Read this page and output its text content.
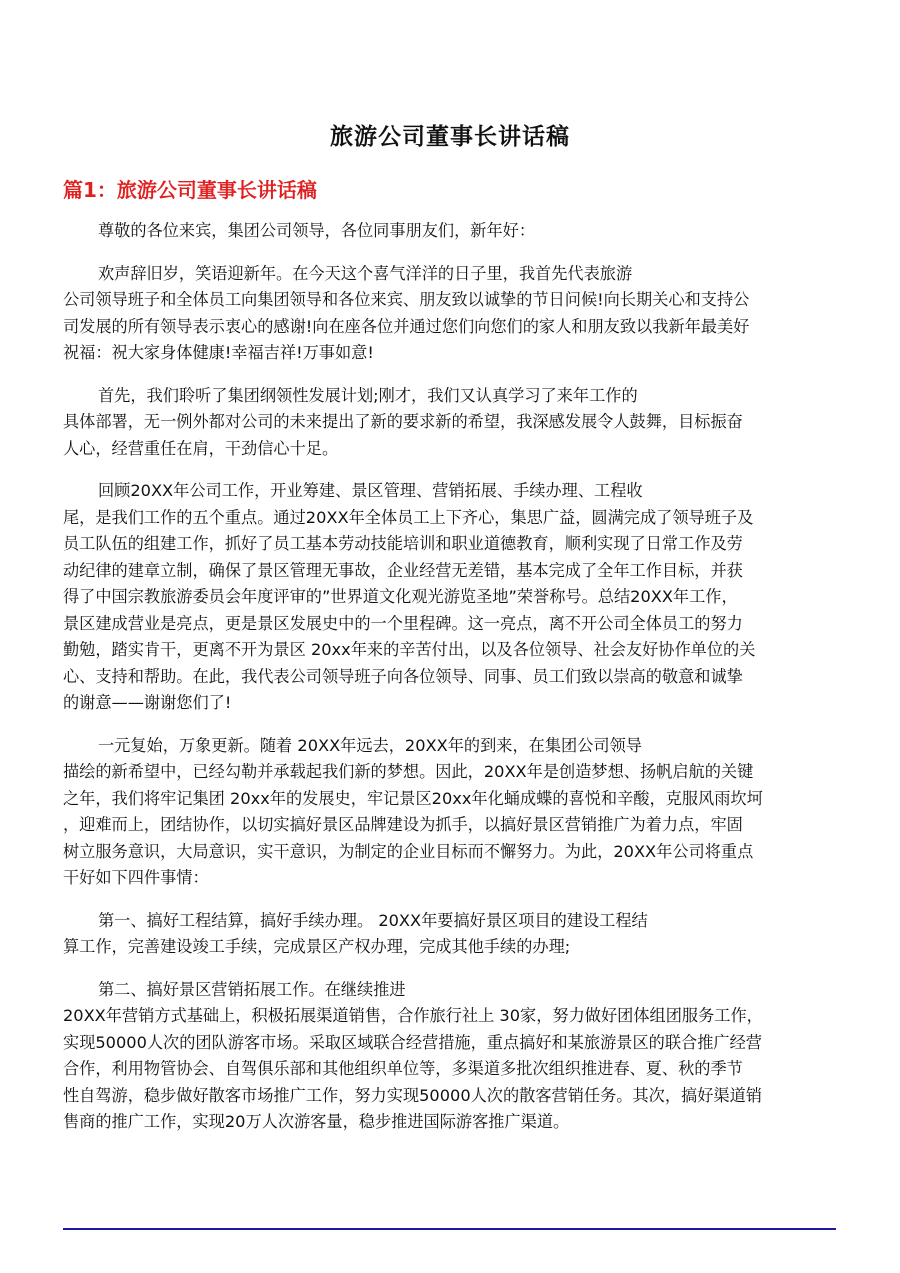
旅游公司董事长讲话稿
篇1：旅游公司董事长讲话稿
尊敬的各位来宾，集团公司领导，各位同事朋友们，新年好：
欢声辞旧岁，笑语迎新年。在今天这个喜气洋洋的日子里，我首先代表旅游
公司领导班子和全体员工向集团领导和各位来宾、朋友致以诚挚的节日问候!向长期关心和支持公
司发展的所有领导表示衷心的感谢!向在座各位并通过您们向您们的家人和朋友致以我新年最美好
祝福：祝大家身体健康!幸福吉祥!万事如意!
首先，我们聆听了集团纲领性发展计划;刚才，我们又认真学习了来年工作的
具体部署，无一例外都对公司的未来提出了新的要求新的希望，我深感发展令人鼓舞，目标振奋
人心，经营重任在肩，干劲信心十足。
回顾20XX年公司工作，开业筹建、景区管理、营销拓展、手续办理、工程收
尾，是我们工作的五个重点。通过20XX年全体员工上下齐心，集思广益，圆满完成了领导班子及
员工队伍的组建工作，抓好了员工基本劳动技能培训和职业道德教育，顺利实现了日常工作及劳
动纪律的建章立制，确保了景区管理无事故，企业经营无差错，基本完成了全年工作目标，并获
得了中国宗教旅游委员会年度评审的”世界道文化观光游览圣地”荣誉称号。总结20XX年工作，
景区建成营业是亮点，更是景区发展史中的一个里程碑。这一亮点，离不开公司全体员工的努力
勤勉，踏实肯干，更离不开为景区 20xx年来的辛苦付出，以及各位领导、社会友好协作单位的关
心、支持和帮助。在此，我代表公司领导班子向各位领导、同事、员工们致以崇高的敬意和诚挚
的谢意——谢谢您们了!
一元复始，万象更新。随着 20XX年远去，20XX年的到来，在集团公司领导
描绘的新希望中，已经勾勒并承载起我们新的梦想。因此，20XX年是创造梦想、扬帆启航的关键
之年，我们将牢记集团 20xx年的发展史，牢记景区20xx年化蛹成蝶的喜悦和辛酸，克服风雨坎坷
，迎难而上，团结协作，以切实搞好景区品牌建设为抓手，以搞好景区营销推广为着力点，牢固
树立服务意识，大局意识，实干意识，为制定的企业目标而不懈努力。为此，20XX年公司将重点
干好如下四件事情：
第一、搞好工程结算，搞好手续办理。 20XX年要搞好景区项目的建设工程结
算工作，完善建设竣工手续，完成景区产权办理，完成其他手续的办理;
第二、搞好景区营销拓展工作。在继续推进
20XX年营销方式基础上，积极拓展渠道销售，合作旅行社上 30家，努力做好团体组团服务工作，
实现50000人次的团队游客市场。采取区域联合经营措施，重点搞好和某旅游景区的联合推广经营
合作，利用物管协会、自驾俱乐部和其他组织单位等，多渠道多批次组织推进春、夏、秋的季节
性自驾游，稳步做好散客市场推广工作，努力实现50000人次的散客营销任务。其次，搞好渠道销
售商的推广工作，实现20万人次游客量，稳步推进国际游客推广渠道。
